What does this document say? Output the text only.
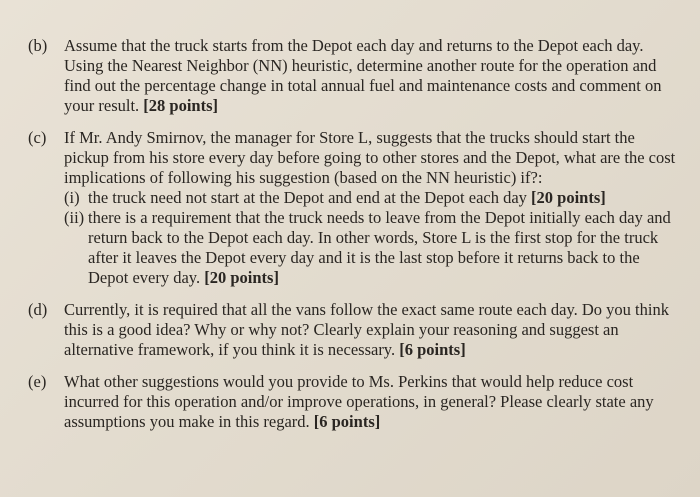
(b)	Assume that the truck starts from the Depot each day and returns to the Depot each day. Using the Nearest Neighbor (NN) heuristic, determine another route for the operation and find out the percentage change in total annual fuel and maintenance costs and comment on your result. [28 points]
(c)	If Mr. Andy Smirnov, the manager for Store L, suggests that the trucks should start the pickup from his store every day before going to other stores and the Depot, what are the cost implications of following his suggestion (based on the NN heuristic) if?:
(i) the truck need not start at the Depot and end at the Depot each day [20 points]
(ii) there is a requirement that the truck needs to leave from the Depot initially each day and return back to the Depot each day. In other words, Store L is the first stop for the truck after it leaves the Depot every day and it is the last stop before it returns back to the Depot every day. [20 points]
(d)	Currently, it is required that all the vans follow the exact same route each day. Do you think this is a good idea? Why or why not? Clearly explain your reasoning and suggest an alternative framework, if you think it is necessary. [6 points]
(e)	What other suggestions would you provide to Ms. Perkins that would help reduce cost incurred for this operation and/or improve operations, in general? Please clearly state any assumptions you make in this regard. [6 points]
